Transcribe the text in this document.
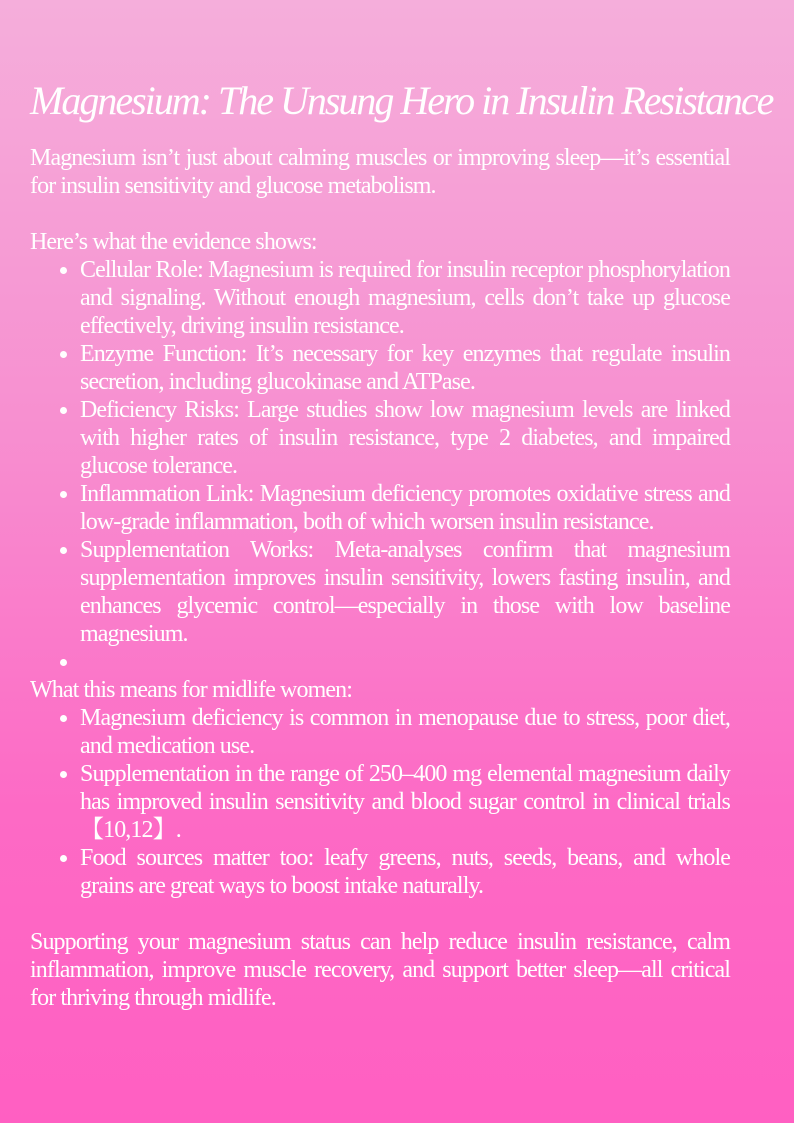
Magnesium: The Unsung Hero in Insulin Resistance

Magnesium isn’t just about calming muscles or improving sleep—it’s essential for insulin sensitivity and glucose metabolism.

Here’s what the evidence shows:

• Cellular Role: Magnesium is required for insulin receptor phosphorylation and signaling. Without enough magnesium, cells don’t take up glucose effectively, driving insulin resistance.
• Enzyme Function: It’s necessary for key enzymes that regulate insulin secretion, including glucokinase and ATPase.
• Deficiency Risks: Large studies show low magnesium levels are linked with higher rates of insulin resistance, type 2 diabetes, and impaired glucose tolerance.
• Inflammation Link: Magnesium deficiency promotes oxidative stress and low-grade inflammation, both of which worsen insulin resistance.
• Supplementation Works: Meta-analyses confirm that magnesium supplementation improves insulin sensitivity, lowers fasting insulin, and enhances glycemic control—especially in those with low baseline magnesium.
•

What this means for midlife women:

• Magnesium deficiency is common in menopause due to stress, poor diet, and medication use.
• Supplementation in the range of 250–400 mg elemental magnesium daily has improved insulin sensitivity and blood sugar control in clinical trials 【10,12】.
• Food sources matter too: leafy greens, nuts, seeds, beans, and whole grains are great ways to boost intake naturally.

Supporting your magnesium status can help reduce insulin resistance, calm inflammation, improve muscle recovery, and support better sleep—all critical for thriving through midlife.
